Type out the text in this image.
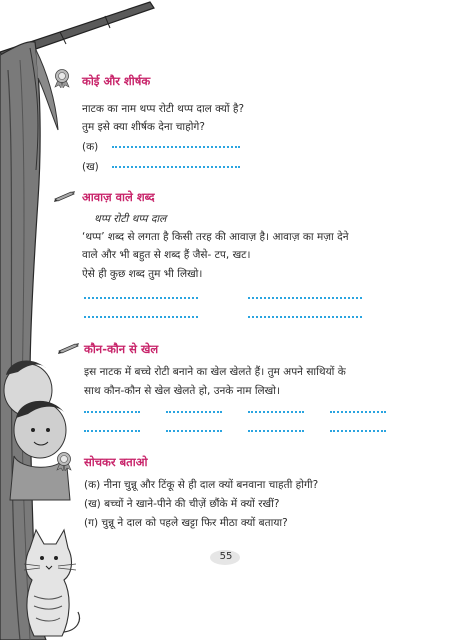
कोई और शीर्षक
नाटक का नाम थप्प रोटी थप्प दाल क्यों है?
तुम इसे क्या शीर्षक देना चाहोगे?
(क)
(ख)
आवाज़ वाले शब्द
थप्प रोटी थप्प दाल
‘थप्प’ शब्द से लगता है किसी तरह की आवाज़ है। आवाज़ का मज़ा देने
वाले और भी बहुत से शब्द हैं जैसे- टप, खट।
ऐसे ही कुछ शब्द तुम भी लिखो।
कौन-कौन से खेल
इस नाटक में बच्चे रोटी बनाने का खेल खेलते हैं। तुम अपने साथियों के
साथ कौन-कौन से खेल खेलते हो, उनके नाम लिखो।
सोचकर बताओ
(क) नीना चुन्नू और टिंकू से ही दाल क्यों बनवाना चाहती होगी?
(ख) बच्चों ने खाने-पीने की चीज़ें छौंके में क्यों रखीं?
(ग) चुन्नू ने दाल को पहले खट्टा फिर मीठा क्यों बताया?
55
